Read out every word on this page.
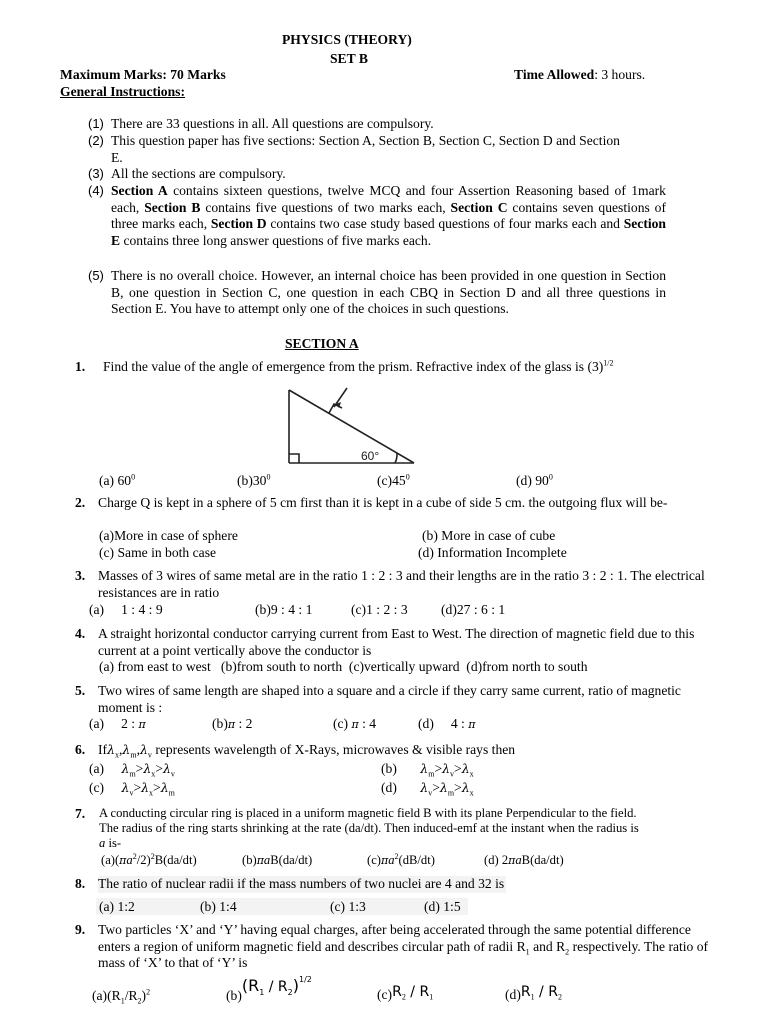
PHYSICS (THEORY)
SET B
Maximum Marks: 70 Marks	Time Allowed: 3 hours.
General Instructions:
(1) There are 33 questions in all. All questions are compulsory.
(2) This question paper has five sections: Section A, Section B, Section C, Section D and Section E.
(3) All the sections are compulsory.
(4) Section A contains sixteen questions, twelve MCQ and four Assertion Reasoning based of 1mark each, Section B contains five questions of two marks each, Section C contains seven questions of three marks each, Section D contains two case study based questions of four marks each and Section E contains three long answer questions of five marks each.
(5) There is no overall choice. However, an internal choice has been provided in one question in Section B, one question in Section C, one question in each CBQ in Section D and all three questions in Section E. You have to attempt only one of the choices in such questions.
SECTION A
1. Find the value of the angle of emergence from the prism. Refractive index of the glass is $(3)^{1/2}$
60°
(a) $60^0$	$(b)30^0$	$(c)45^0$	(d) $90^0$
2. Charge Q is kept in a sphere of 5 cm first than it is kept in a cube of side 5 cm. the outgoing flux will be-
(a)More in case of sphere	(b) More in case of cube
(c) Same in both case	(d) Information Incomplete
3. Masses of 3 wires of same metal are in the ratio 1 : 2 : 3 and their lengths are in the ratio 3 : 2 : 1. The electrical resistances are in ratio
(a)     1 : 4 : 9	(b)9 : 4 : 1	(c)1 : 2 : 3 (d)27 : 6 : 1
4. A straight horizontal conductor carrying current from East to West. The direction of magnetic field due to this current at a point vertically above the conductor is
(a) from east to west   (b)from south to north  (c)vertically upward  (d)from north to south
5. Two wires of same length are shaped into a square and a circle if they carry same current, ratio of magnetic moment is :
(a)     2 : π	(b)π : 2	(c) π : 4	(d)     4 : π
6. $If\lambda_x,\lambda_m,\lambda_v$ represents wavelength of X-Rays, microwaves & visible rays then
(a) $\lambda_m>\lambda_x>\lambda_v$	(b) $\lambda_m>\lambda_v>\lambda_x$
(c) $\lambda_v>\lambda_x>\lambda_m$	(d) $\lambda_v>\lambda_m>\lambda_x$
7. A conducting circular ring is placed in a uniform magnetic field B with its plane Perpendicular to the field.
The radius of the ring starts shrinking at the rate (da/dt). Then induced-emf at the instant when the radius is
a is-
$(a)(\pi a^2/2)^2B(da/dt)$	(b)πaB(da/dt)	$(c)\pi a^2(dB/dt)$	(d) 2πaB(da/dt)
8. The ratio of nuclear radii if the mass numbers of two nuclei are 4 and 32 is
(a) 1:2	(b) 1:4	(c) 1:3	(d) 1:5
9. Two particles ‘X’ and ‘Y’ having equal charges, after being accelerated through the same potential difference enters a region of uniform magnetic field and describes circular path of radii $R_1$ and $R_2$ respectively. The ratio of mass of ‘X’ to that of ‘Y’ is
$(a)(R_1/R_2)^2$	$(b)(R_1 / R_2)^{1/2}$
$(c)R_2 / R_1$	$(d)R_1 / R_2$
